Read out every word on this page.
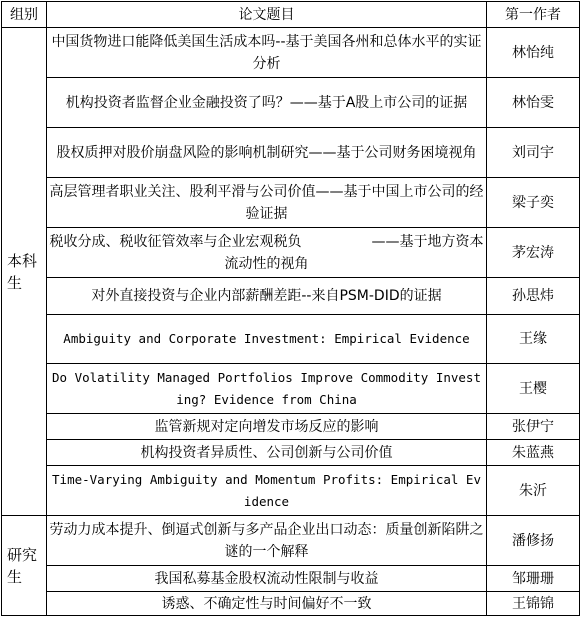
组别	论文题目	第一作者
本科生	中国货物进口能降低美国生活成本吗--基于美国各州和总体水平的实证分析	林怡纯
	机构投资者监督企业金融投资了吗？——基于A股上市公司的证据	林怡雯
	股权质押对股价崩盘风险的影响机制研究——基于公司财务困境视角	刘司宇
	高层管理者职业关注、股利平滑与公司价值——基于中国上市公司的经验证据	梁子奕
	税收分成、税收征管效率与企业宏观税负　　　　　——基于地方资本流动性的视角	茅宏涛
	对外直接投资与企业内部薪酬差距--来自PSM-DID的证据	孙思炜
	Ambiguity and Corporate Investment: Empirical Evidence	王缘
	Do Volatility Managed Portfolios Improve Commodity Investing? Evidence from China	王樱
	监管新规对定向增发市场反应的影响	张伊宁
	机构投资者异质性、公司创新与公司价值	朱蓝燕
	Time-Varying Ambiguity and Momentum Profits: Empirical Evidence	朱沂
研究生	劳动力成本提升、倒逼式创新与多产品企业出口动态：质量创新陷阱之谜的一个解释	潘修扬
	我国私募基金股权流动性限制与收益	邹珊珊
	诱惑、不确定性与时间偏好不一致	王锦锦
